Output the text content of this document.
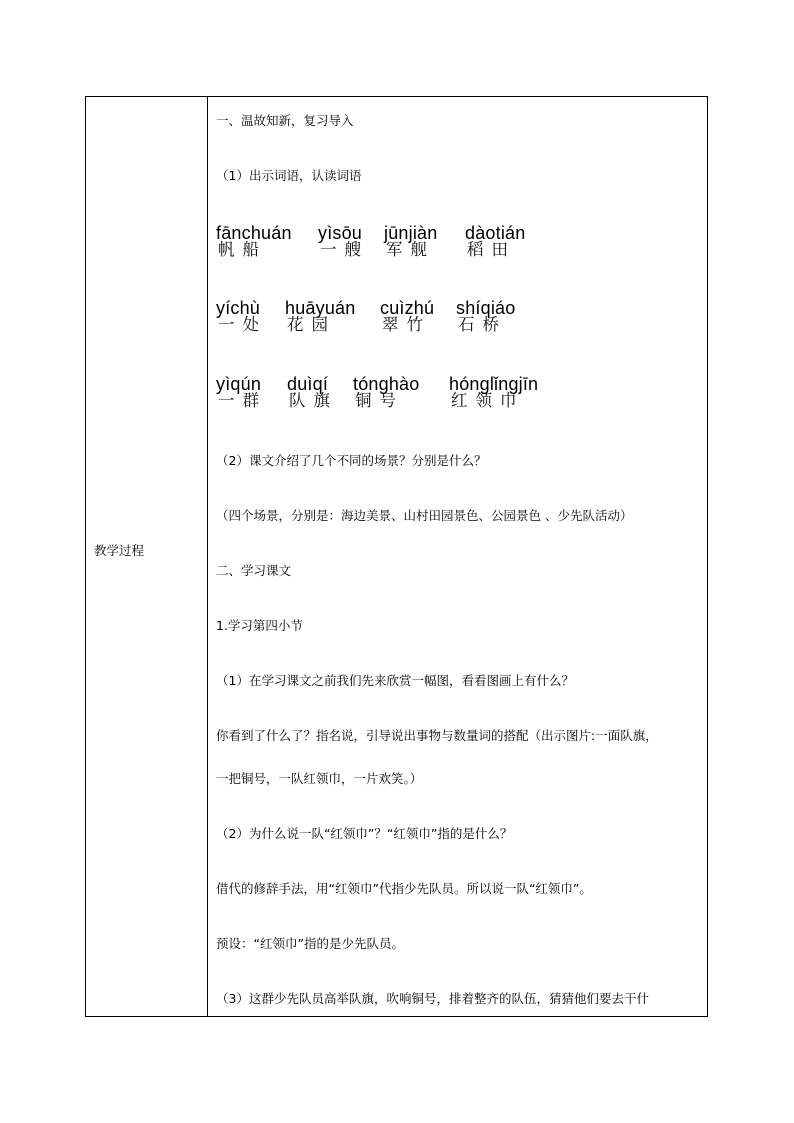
教学过程
一、温故知新，复习导入
（1）出示词语，认读词语
fānchuán
帆船
yìsōu
一艘
jūnjiàn
军舰
dàotián
稻田
yíchù
一处
huāyuán
花园
cuìzhú
翠竹
shíqiáo
石桥
yìqún
一群
duìqí
队旗
tónghào
铜号
hónglǐngjīn
红领巾
（2）课文介绍了几个不同的场景？分别是什么？
（四个场景，分别是：海边美景、山村田园景色、公园景色 、少先队活动）
二、学习课文
1.学习第四小节
（1）在学习课文之前我们先来欣赏一幅图，看看图画上有什么？
你看到了什么了？指名说，引导说出事物与数量词的搭配（出示图片:一面队旗，
一把铜号，一队红领巾，一片欢笑。）
（2）为什么说一队“红领巾”？“红领巾”指的是什么？
借代的修辞手法，用“红领巾”代指少先队员。所以说一队“红领巾”。
预设：“红领巾”指的是少先队员。
（3）这群少先队员高举队旗，吹响铜号，排着整齐的队伍，猜猜他们要去干什
